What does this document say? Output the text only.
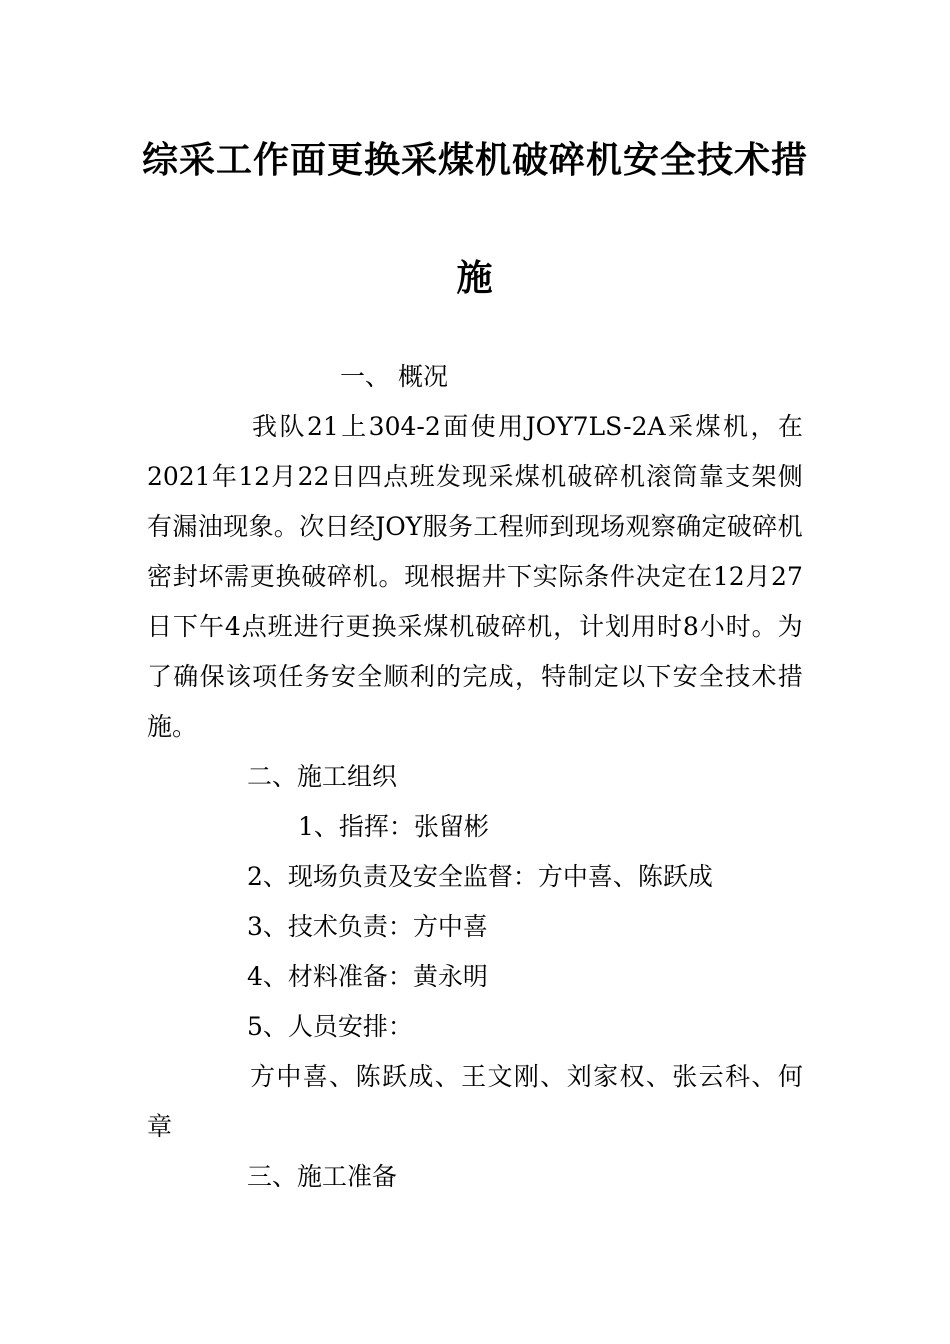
综采工作面更换采煤机破碎机安全技术措
施

一、 概况

我 队 21 上 304-2 面 使 用 JOY7LS-2A 采 煤 机 ， 在

2021 年 12 月 22 日 四 点 班 发 现 采 煤 机 破 碎 机 滚 筒 靠 支 架 侧

有 漏 油 现 象 。 次 日 经 JOY 服 务 工 程 师 到 现 场 观 察 确 定 破 碎 机

密 封 坏 需 更 换 破 碎 机 。 现 根 据 井 下 实 际 条 件 决 定 在 12 月 27

日 下 午 4 点 班 进 行 更 换 采 煤 机 破 碎 机 ， 计 划 用 时 8 小 时 。 为

了 确 保 该 项 任 务 安 全 顺 利 的 完 成 ， 特 制 定 以 下 安 全 技 术 措

施。

二、施工组织

1、指挥：张留彬

2、现场负责及安全监督：方中喜、陈跃成

3、技术负责：方中喜

4、材料准备：黄永明

5、人员安排：

方 中 喜 、 陈 跃 成 、 王 文 刚 、 刘 家 权 、 张 云 科 、 何

章

三、施工准备
